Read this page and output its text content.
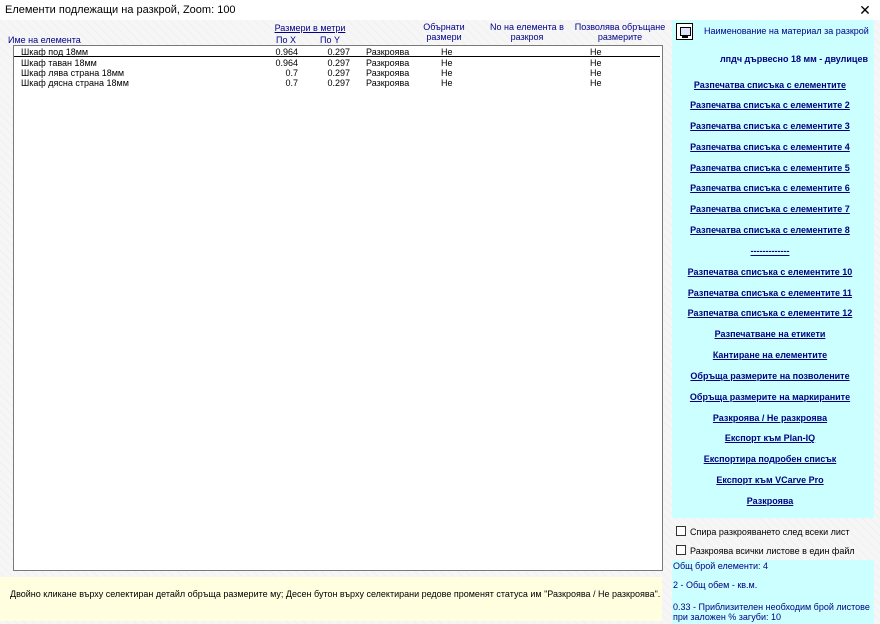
Елементи подлежащи на разкрой, Zoom: 100	✕
Име на елемента
Размери в метри
По X	По Y
Обърнати
размери
No на елемента в
разкроя
Позволява обръщане
размерите
Шкаф под 18мм	0.964	0.297 Разкроява	Не	Не
Шкаф таван 18мм	0.964	0.297 Разкроява	Не	Не
Шкаф лява страна 18мм	0.7	0.297 Разкроява	Не	Не
Шкаф дясна страна 18мм	0.7	0.297 Разкроява	Не	Не
Двойно кликане върху селектиран детайл обръща размерите му; Десен бутон върху селектирани редове променят статуса им "Разкроява / Не разкроява".
Наименование на материал за разкрой
лпдч дървесно 18 мм - двулицев
Разпечатва списъка с елементите
Разпечатва списъка с елементите 2
Разпечатва списъка с елементите 3
Разпечатва списъка с елементите 4
Разпечатва списъка с елементите 5
Разпечатва списъка с елементите 6
Разпечатва списъка с елементите 7
Разпечатва списъка с елементите 8
-------------
Разпечатва списъка с елементите 10
Разпечатва списъка с елементите 11
Разпечатва списъка с елементите 12
Разпечатване на етикети
Кантиране на елементите
Обръща размерите на позволените
Обръща размерите на маркираните
Разкроява / Не разкроява
Експорт към Plan-IQ
Експортира подробен списък
Експорт към VCarve Pro
Разкроява
Спира разкрояването след всеки лист
Разкроява всички листове в един файл
Общ брой елементи: 4
2 - Общ обем - кв.м.
0.33 - Приблизителен необходим брой листове
при заложен % загуби: 10
